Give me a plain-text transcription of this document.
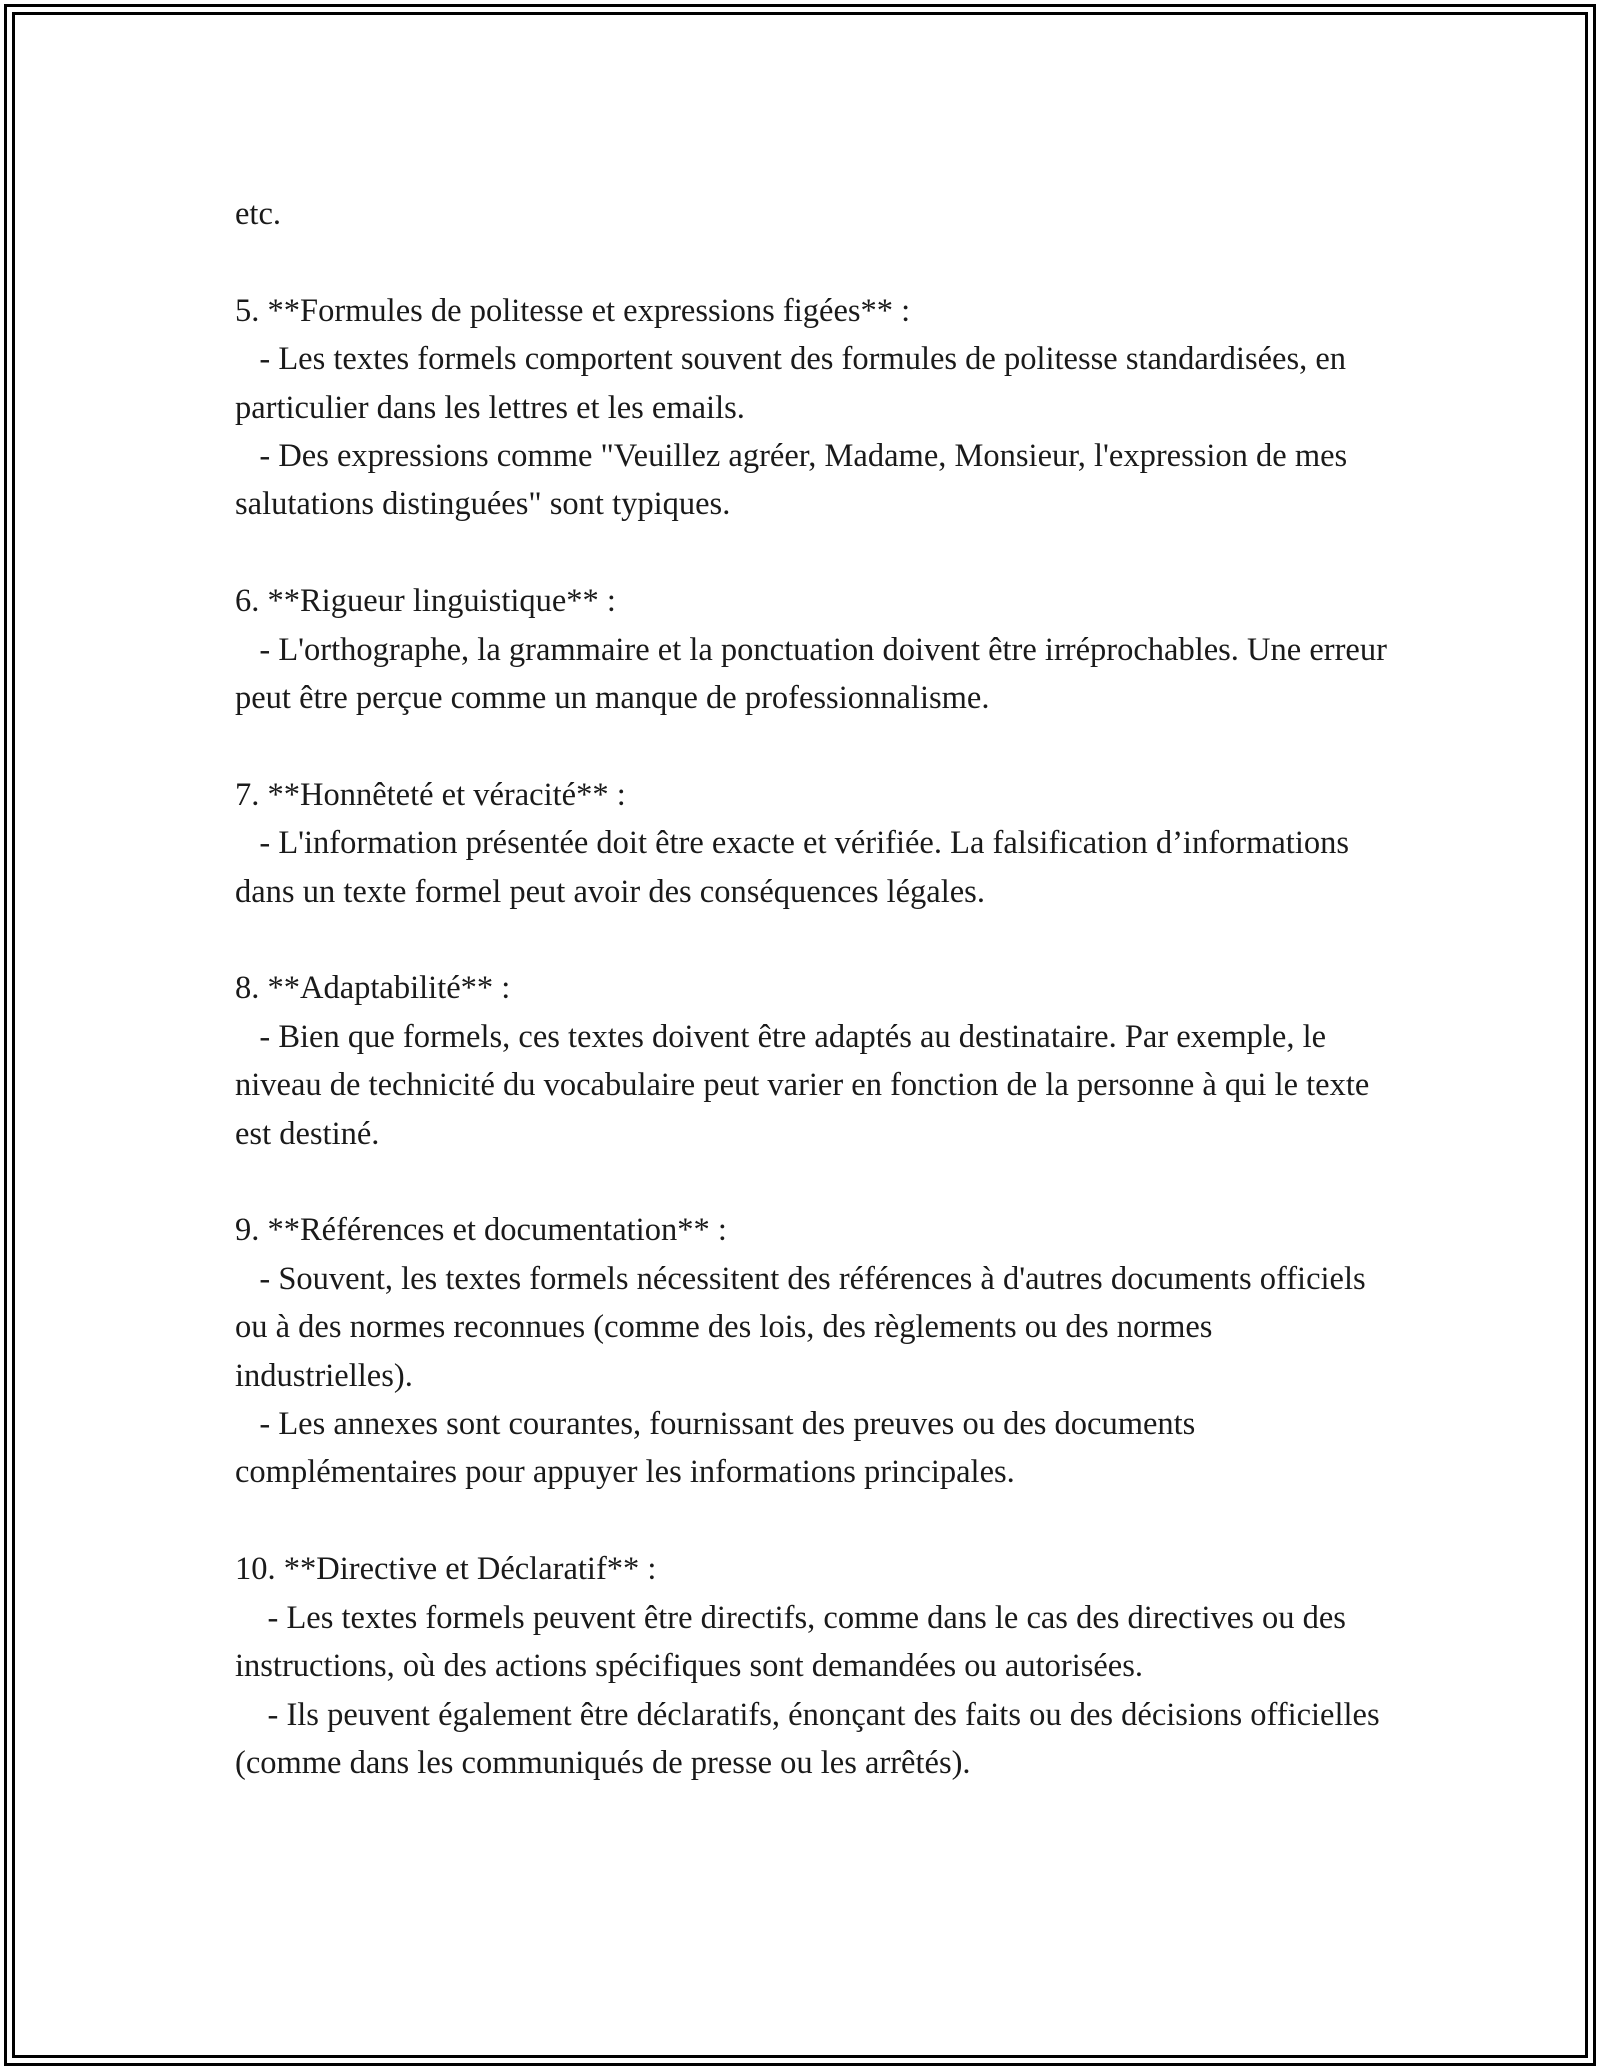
etc.

5. **Formules de politesse et expressions figées** :

- Les textes formels comportent souvent des formules de politesse standardisées, en particulier dans les lettres et les emails.

- Des expressions comme "Veuillez agréer, Madame, Monsieur, l'expression de mes salutations distinguées" sont typiques.

6. **Rigueur linguistique** :

- L'orthographe, la grammaire et la ponctuation doivent être irréprochables. Une erreur peut être perçue comme un manque de professionnalisme.

7. **Honnêteté et véracité** :

- L'information présentée doit être exacte et vérifiée. La falsification d’informations dans un texte formel peut avoir des conséquences légales.

8. **Adaptabilité** :

- Bien que formels, ces textes doivent être adaptés au destinataire. Par exemple, le niveau de technicité du vocabulaire peut varier en fonction de la personne à qui le texte est destiné.

9. **Références et documentation** :

- Souvent, les textes formels nécessitent des références à d'autres documents officiels ou à des normes reconnues (comme des lois, des règlements ou des normes industrielles).

- Les annexes sont courantes, fournissant des preuves ou des documents complémentaires pour appuyer les informations principales.

10. **Directive et Déclaratif** :

- Les textes formels peuvent être directifs, comme dans le cas des directives ou des instructions, où des actions spécifiques sont demandées ou autorisées.

- Ils peuvent également être déclaratifs, énonçant des faits ou des décisions officielles (comme dans les communiqués de presse ou les arrêtés).
